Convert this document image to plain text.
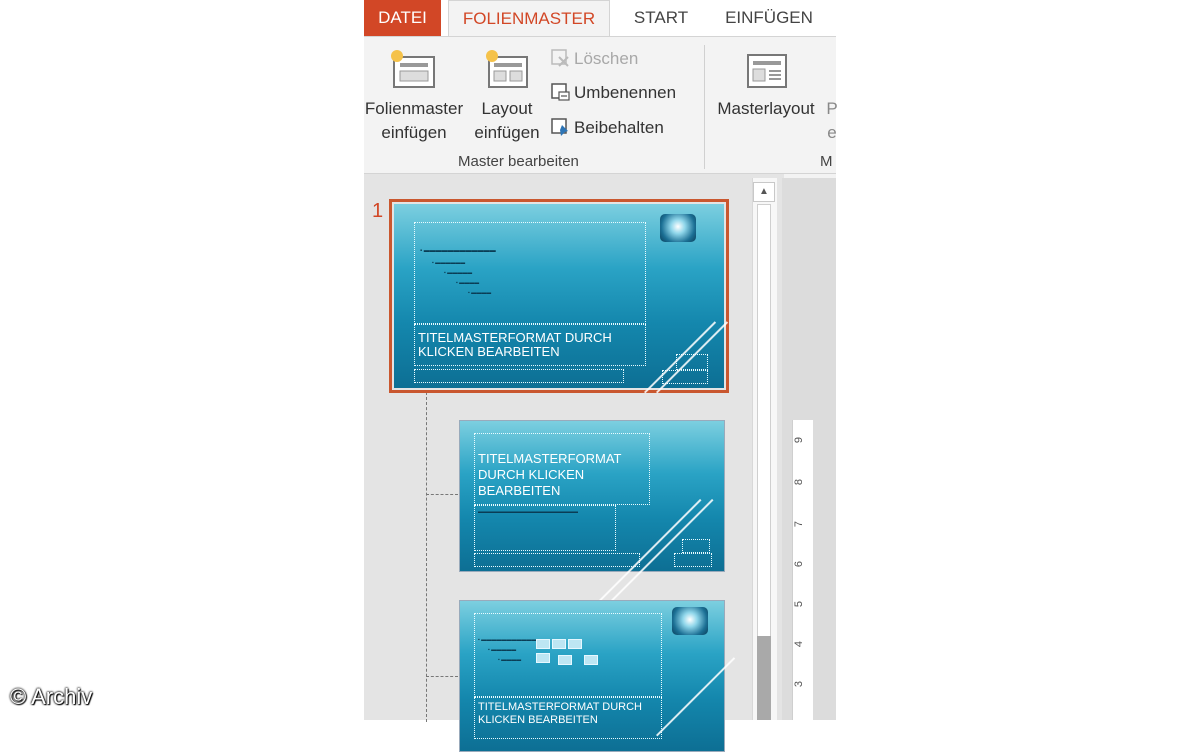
DATEI	FOLIENMASTER	START	EINFÜGEN
Folienmaster
einfügen
Layout
einfügen
Löschen
Umbenennen
Beibehalten
Master bearbeiten
Masterlayout P
e
M
1
▪ ▬▬▬▬▬▬▬▬▬▬▬▬
▪ ▬▬▬▬▬▬
▪ ▬▬▬▬▬
▪ ▬▬▬▬
▪ ▬▬▬▬
TITELMASTERFORMAT DURCH
KLICKEN BEARBEITEN
TITELMASTERFORMAT
DURCH KLICKEN
BEARBEITEN
▬▬▬▬▬▬▬▬▬▬▬▬▬▬▬▬▬▬▬▬
▪ ▬▬▬▬▬▬▬▬▬▬▬
▪ ▬▬▬▬▬
▪ ▬▬▬▬
TITELMASTERFORMAT DURCH
KLICKEN BEARBEITEN
▲
9
8
7
6
5
4
3
© Archiv
